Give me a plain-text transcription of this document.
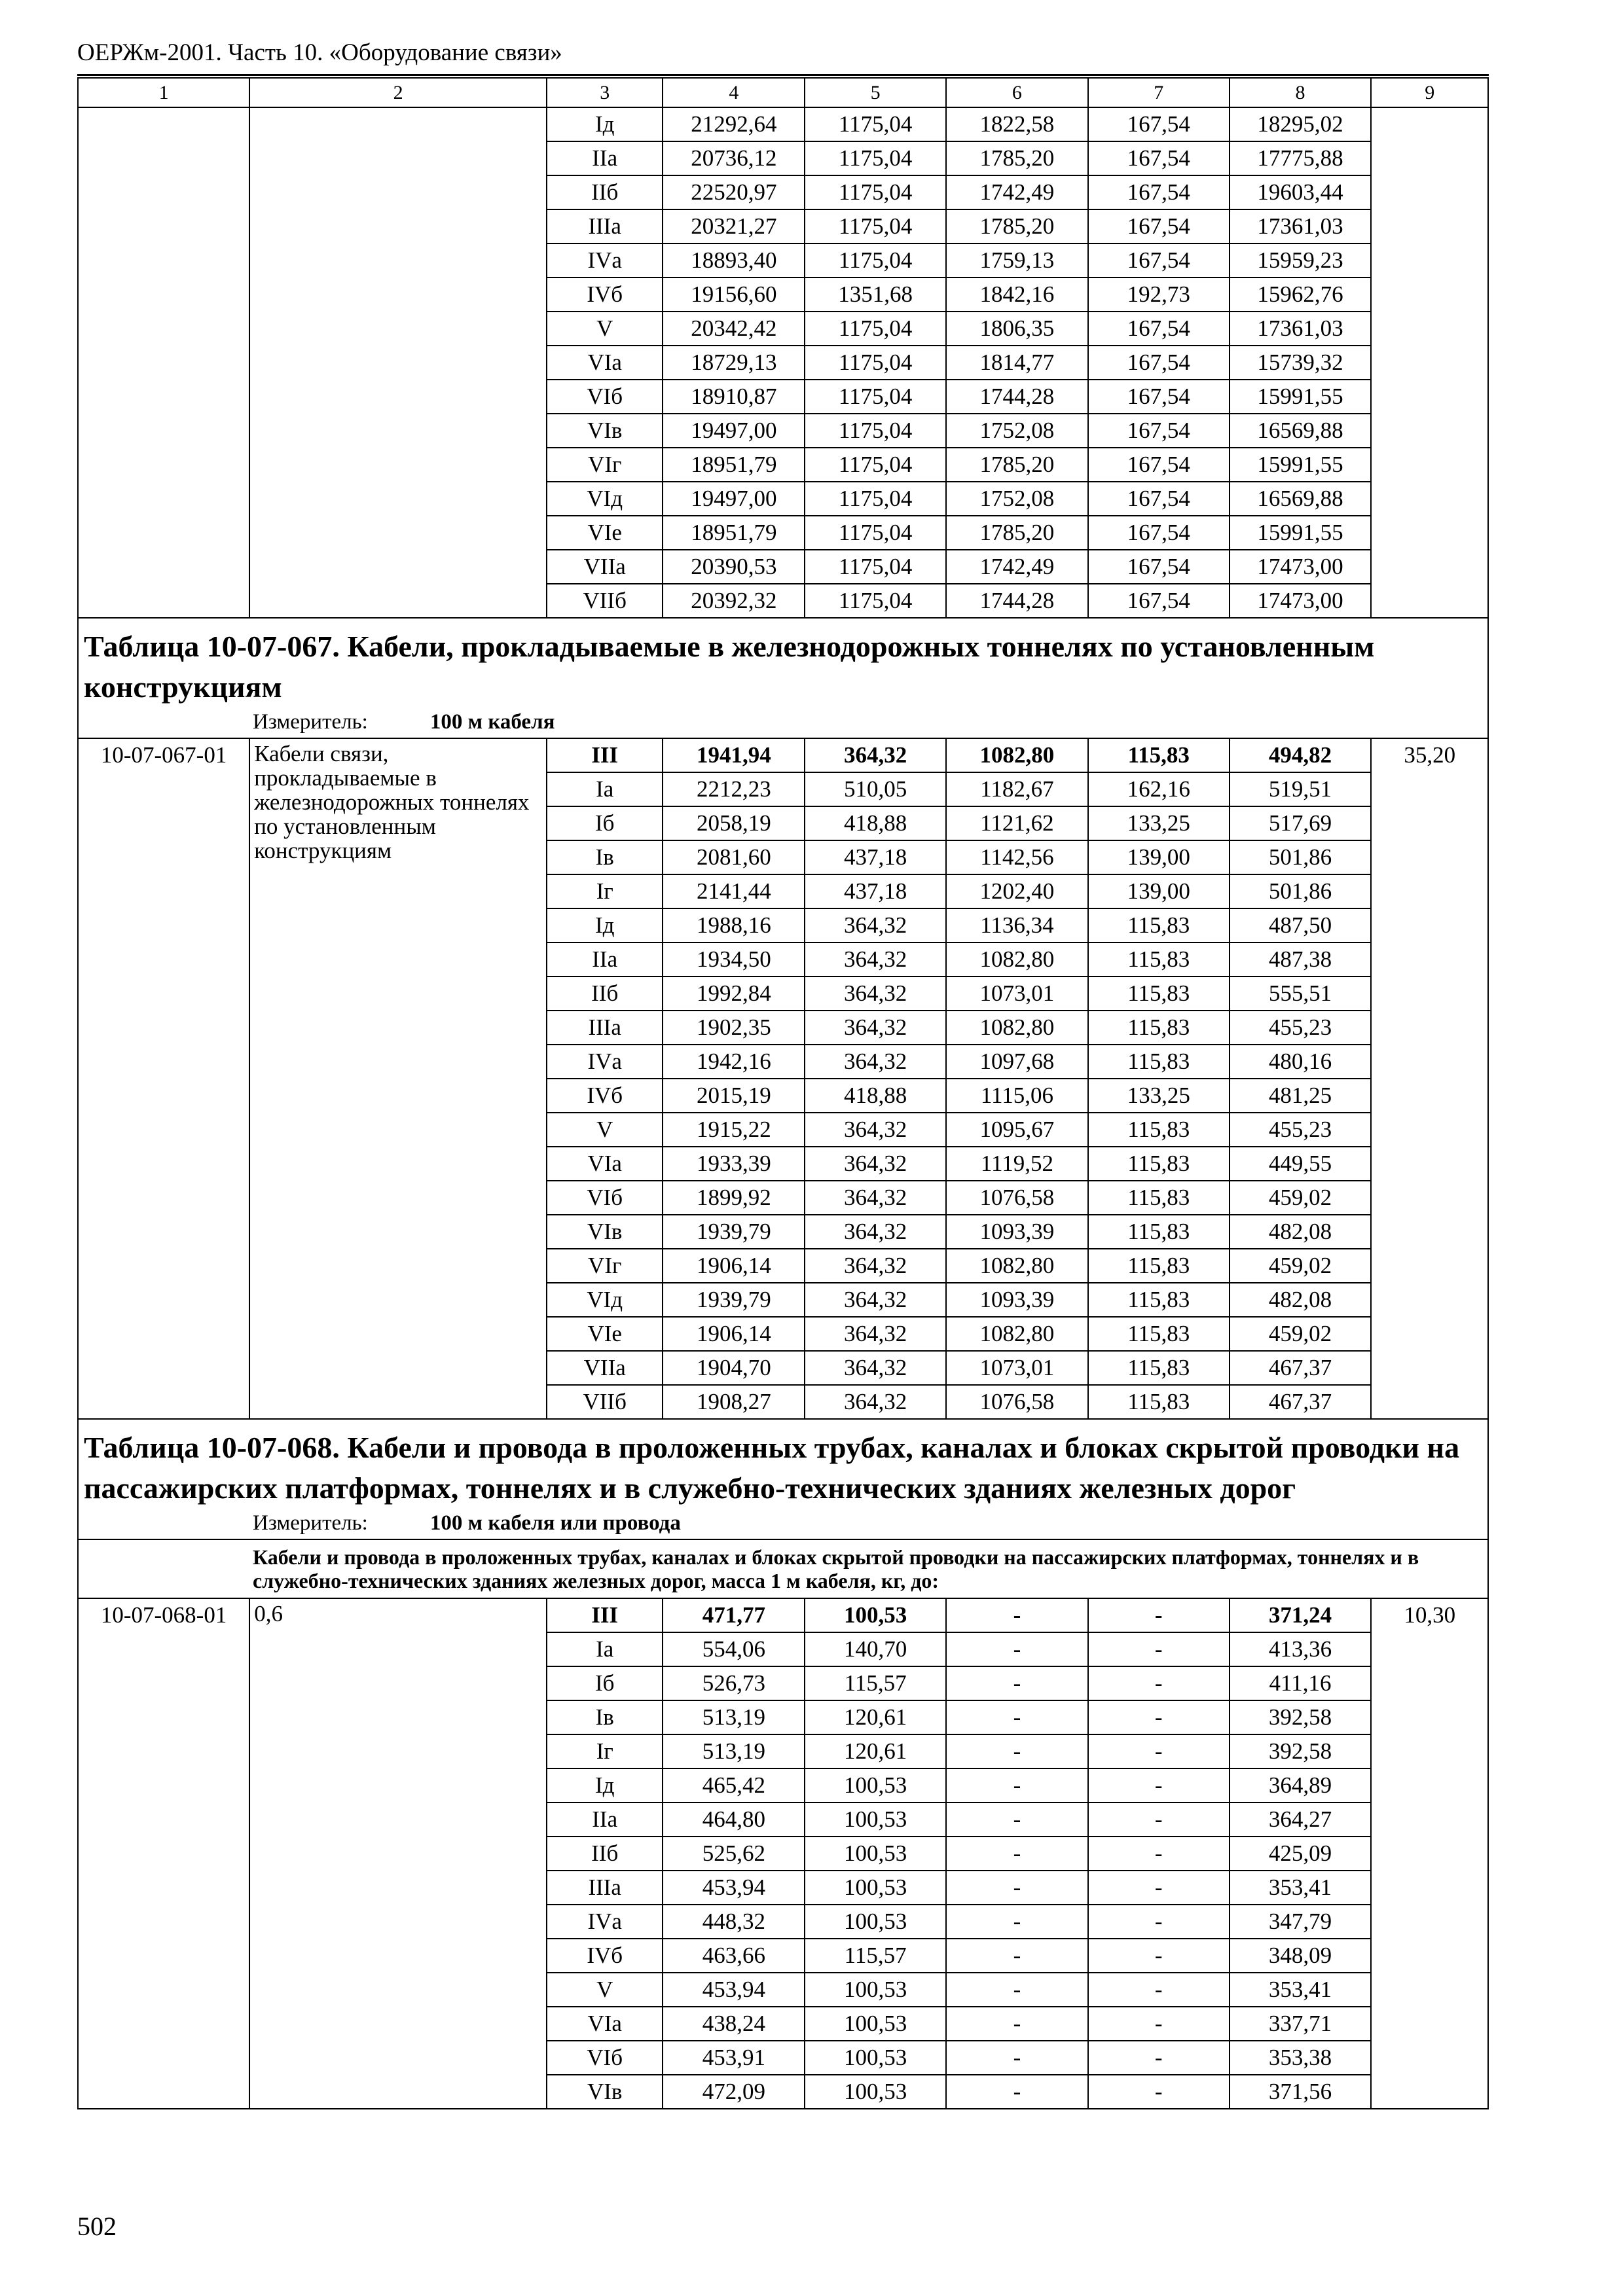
ОЕРЖм-2001. Часть 10. «Оборудование связи»
1	2	3	4	5	6	7	8	9
		Iд	21292,64	1175,04	1822,58	167,54	18295,02	
		IIа	20736,12	1175,04	1785,20	167,54	17775,88	
		IIб	22520,97	1175,04	1742,49	167,54	19603,44	
		IIIа	20321,27	1175,04	1785,20	167,54	17361,03	
		IVа	18893,40	1175,04	1759,13	167,54	15959,23	
		IVб	19156,60	1351,68	1842,16	192,73	15962,76	
		V	20342,42	1175,04	1806,35	167,54	17361,03	
		VIа	18729,13	1175,04	1814,77	167,54	15739,32	
		VIб	18910,87	1175,04	1744,28	167,54	15991,55	
		VIв	19497,00	1175,04	1752,08	167,54	16569,88	
		VIг	18951,79	1175,04	1785,20	167,54	15991,55	
		VIд	19497,00	1175,04	1752,08	167,54	16569,88	
		VIе	18951,79	1175,04	1785,20	167,54	15991,55	
		VIIа	20390,53	1175,04	1742,49	167,54	17473,00	
		VIIб	20392,32	1175,04	1744,28	167,54	17473,00	

Таблица 10-07-067. Кабели, прокладываемые в железнодорожных тоннелях по установленным конструкциям
Измеритель: 100 м кабеля								

10-07-067-01	Кабели связи, прокладываемые в железнодорожных тоннелях по установленным конструкциям	III	1941,94	364,32	1082,80	115,83	494,82	35,20
		Iа	2212,23	510,05	1182,67	162,16	519,51	
		Iб	2058,19	418,88	1121,62	133,25	517,69	
		Iв	2081,60	437,18	1142,56	139,00	501,86	
		Iг	2141,44	437,18	1202,40	139,00	501,86	
		Iд	1988,16	364,32	1136,34	115,83	487,50	
		IIа	1934,50	364,32	1082,80	115,83	487,38	
		IIб	1992,84	364,32	1073,01	115,83	555,51	
		IIIа	1902,35	364,32	1082,80	115,83	455,23	
		IVа	1942,16	364,32	1097,68	115,83	480,16	
		IVб	2015,19	418,88	1115,06	133,25	481,25	
		V	1915,22	364,32	1095,67	115,83	455,23	
		VIа	1933,39	364,32	1119,52	115,83	449,55	
		VIб	1899,92	364,32	1076,58	115,83	459,02	
		VIв	1939,79	364,32	1093,39	115,83	482,08	
		VIг	1906,14	364,32	1082,80	115,83	459,02	
		VIд	1939,79	364,32	1093,39	115,83	482,08	
		VIе	1906,14	364,32	1082,80	115,83	459,02	
		VIIа	1904,70	364,32	1073,01	115,83	467,37	
		VIIб	1908,27	364,32	1076,58	115,83	467,37	

Таблица 10-07-068. Кабели и провода в проложенных трубах, каналах и блоках скрытой проводки на пассажирских платформах, тоннелях и в служебно-технических зданиях железных дорог
Измеритель: 100 м кабеля или провода								

Кабели и провода в проложенных трубах, каналах и блоках скрытой проводки на пассажирских платформах, тоннелях и в служебно-технических зданиях железных дорог, масса 1 м кабеля, кг, до:								
10-07-068-01	0,6	III	471,77	100,53	-	-	371,24	10,30
		Iа	554,06	140,70	-	-	413,36	
		Iб	526,73	115,57	-	-	411,16	
		Iв	513,19	120,61	-	-	392,58	
		Iг	513,19	120,61	-	-	392,58	
		Iд	465,42	100,53	-	-	364,89	
		IIа	464,80	100,53	-	-	364,27	
		IIб	525,62	100,53	-	-	425,09	
		IIIа	453,94	100,53	-	-	353,41	
		IVа	448,32	100,53	-	-	347,79	
		IVб	463,66	115,57	-	-	348,09	
		V	453,94	100,53	-	-	353,41	
		VIа	438,24	100,53	-	-	337,71	
		VIб	453,91	100,53	-	-	353,38	
		VIв	472,09	100,53	-	-	371,56	
502
